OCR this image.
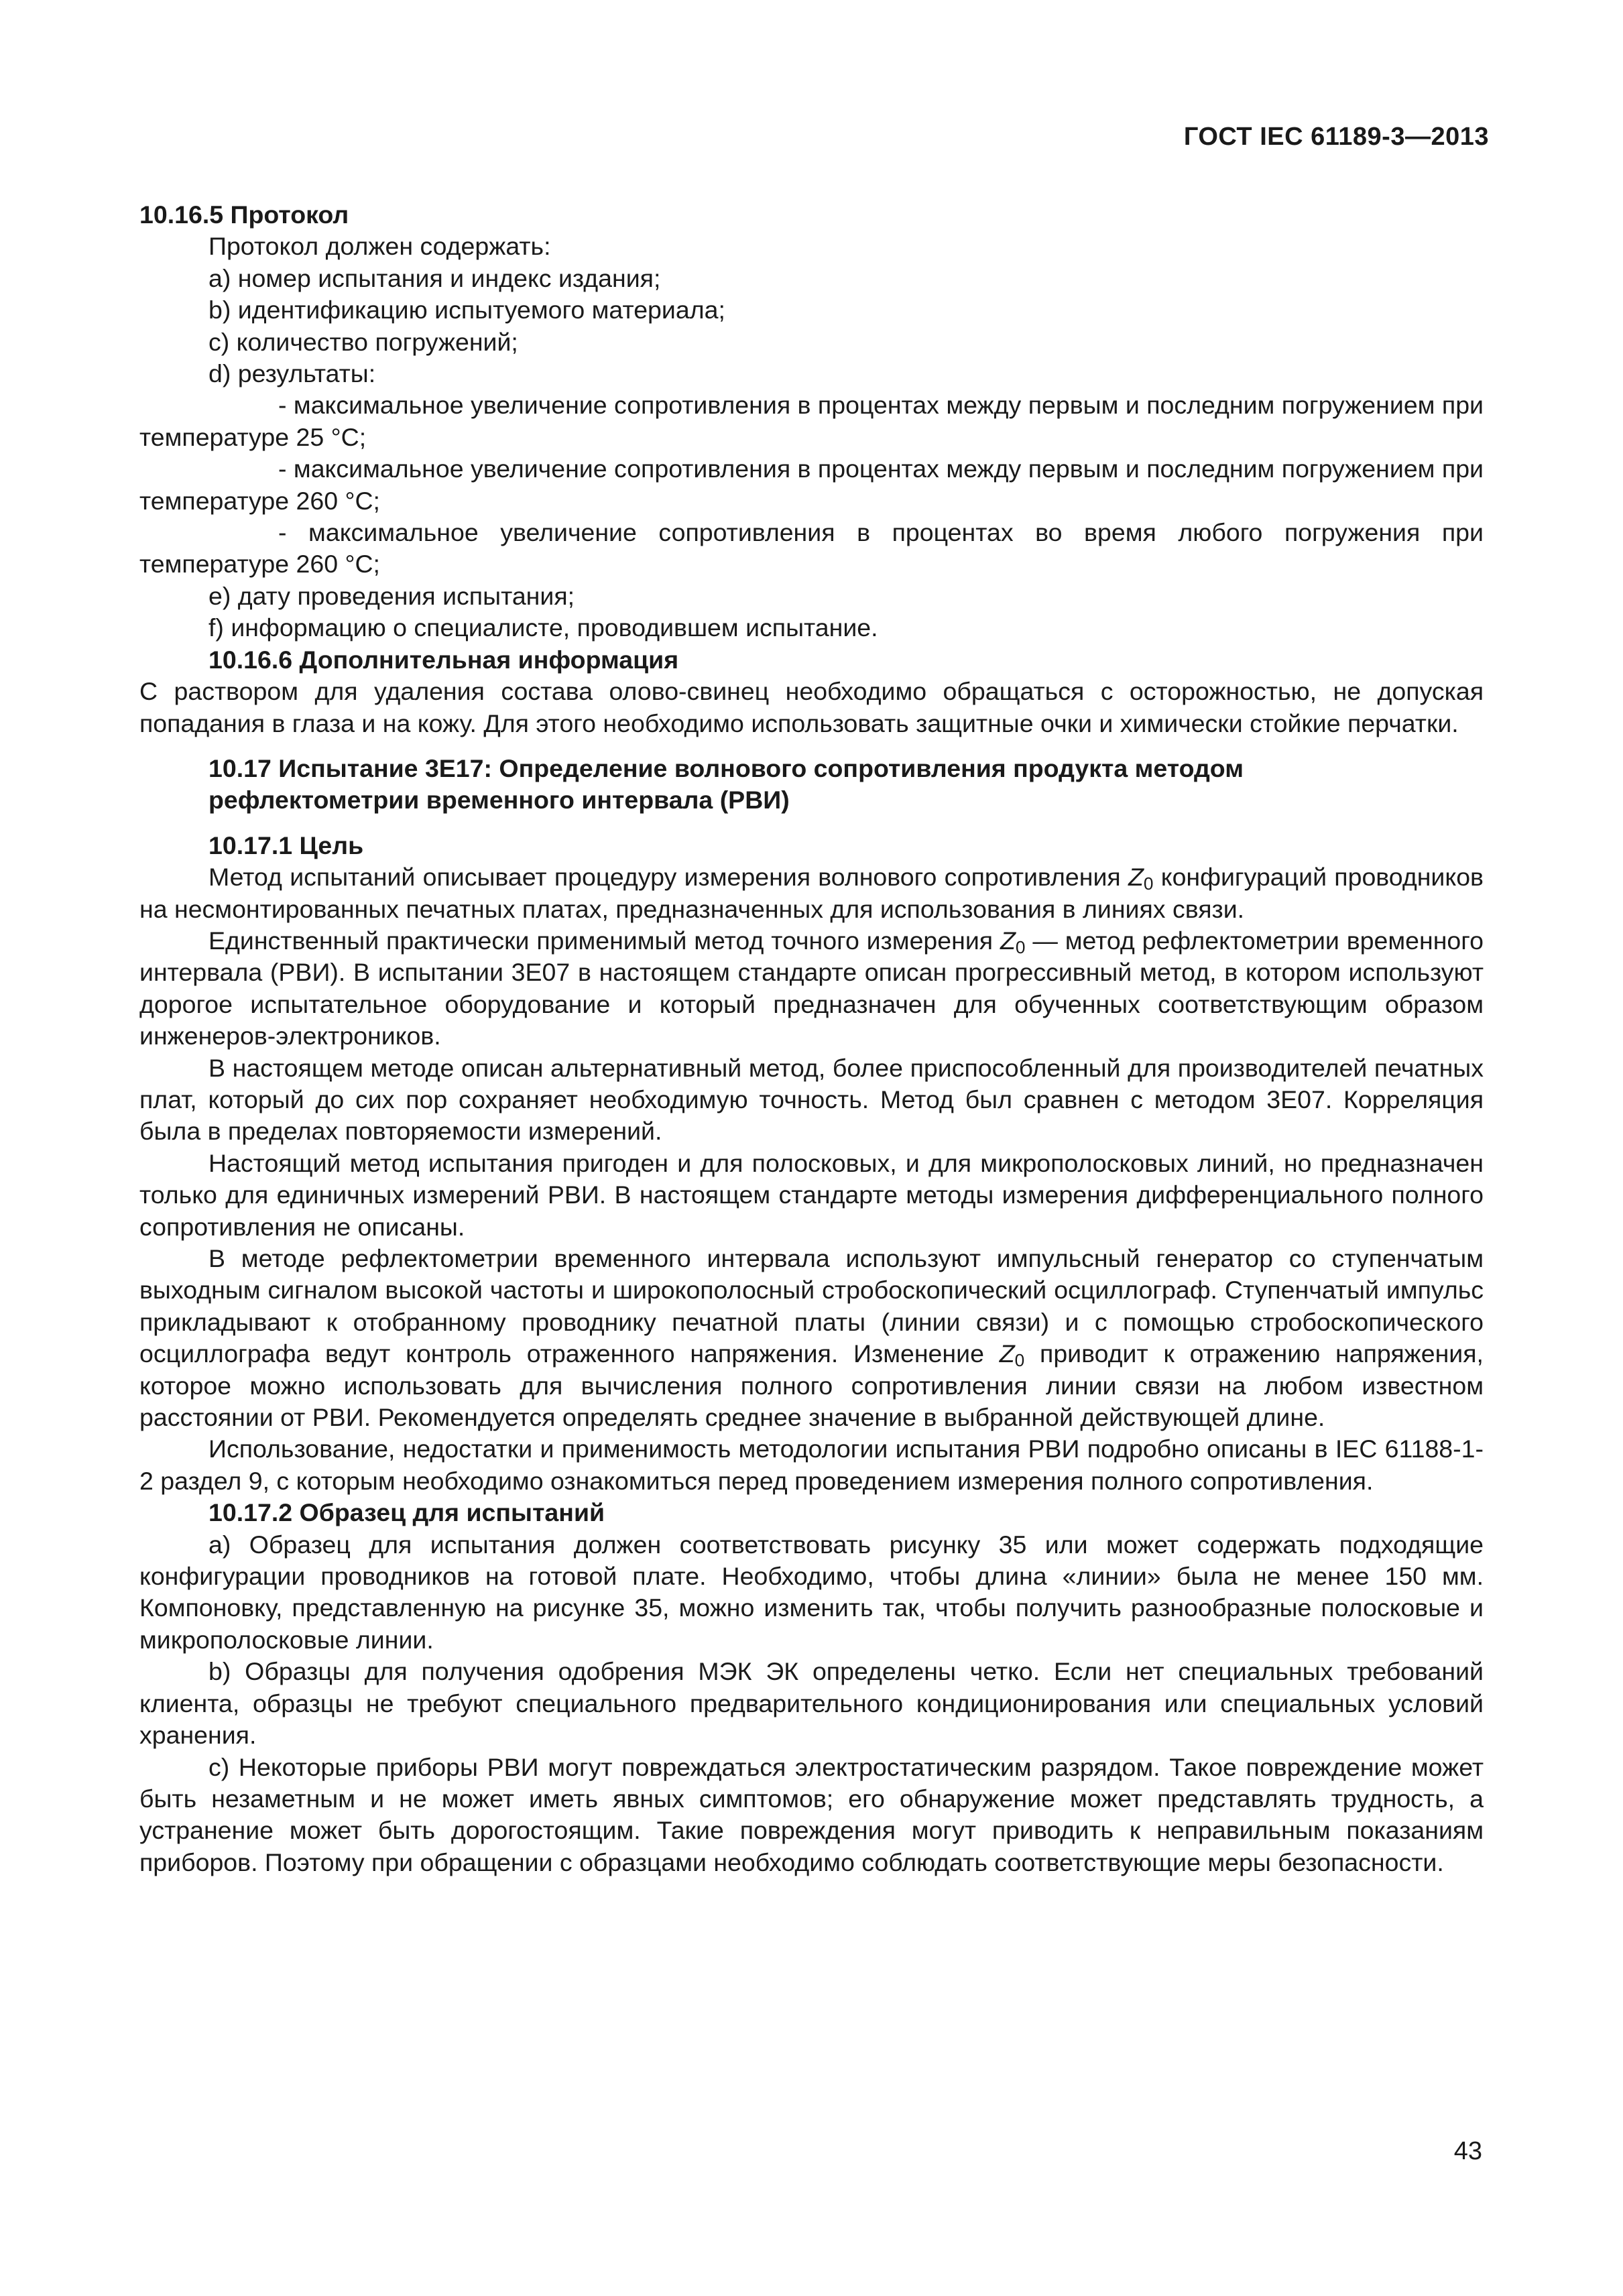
ГОСТ IEC 61189-3—2013

10.16.5 Протокол

Протокол должен содержать:

a) номер испытания и индекс издания;

b) идентификацию испытуемого материала;

c) количество погружений;

d) результаты:

- максимальное увеличение сопротивления в процентах между первым и последним погружением при температуре 25 °С;

- максимальное увеличение сопротивления в процентах между первым и последним погружением при температуре 260 °С;

- максимальное увеличение сопротивления в процентах во время любого погружения при температуре 260 °С;

e) дату проведения испытания;

f) информацию о специалисте, проводившем испытание.

10.16.6 Дополнительная информация

С раствором для удаления состава олово-свинец необходимо обращаться с осторожностью, не допуская попадания в глаза и на кожу. Для этого необходимо использовать защитные очки и химически стойкие перчатки.

10.17 Испытание 3E17: Определение волнового сопротивления продукта методом

рефлектометрии временного интервала (РВИ)

10.17.1 Цель

Метод испытаний описывает процедуру измерения волнового сопротивления $Z_0$ конфигураций проводников на несмонтированных печатных платах, предназначенных для использования в линиях связи.

Единственный практически применимый метод точного измерения $Z_0$ — метод рефлектометрии временного интервала (РВИ). В испытании 3E07 в настоящем стандарте описан прогрессивный метод, в котором используют дорогое испытательное оборудование и который предназначен для обученных соответствующим образом инженеров-электроников.

В настоящем методе описан альтернативный метод, более приспособленный для производителей печатных плат, который до сих пор сохраняет необходимую точность. Метод был сравнен с методом 3E07. Корреляция была в пределах повторяемости измерений.

Настоящий метод испытания пригоден и для полосковых, и для микрополосковых линий, но предназначен только для единичных измерений РВИ. В настоящем стандарте методы измерения дифференциального полного сопротивления не описаны.

В методе рефлектометрии временного интервала используют импульсный генератор со ступенчатым выходным сигналом высокой частоты и широкополосный стробоскопический осциллограф. Ступенчатый импульс прикладывают к отобранному проводнику печатной платы (линии связи) и с помощью стробоскопического осциллографа ведут контроль отраженного напряжения. Изменение $Z_0$ приводит к отражению напряжения, которое можно использовать для вычисления полного сопротивления линии связи на любом известном расстоянии от РВИ. Рекомендуется определять среднее значение в выбранной действующей длине.

Использование, недостатки и применимость методологии испытания РВИ подробно описаны в IEC 61188-1-2 раздел 9, с которым необходимо ознакомиться перед проведением измерения полного сопротивления.

10.17.2 Образец для испытаний

a) Образец для испытания должен соответствовать рисунку 35 или может содержать подходящие конфигурации проводников на готовой плате. Необходимо, чтобы длина «линии» была не менее 150 мм. Компоновку, представленную на рисунке 35, можно изменить так, чтобы получить разнообразные полосковые и микрополосковые линии.

b) Образцы для получения одобрения МЭК ЭК определены четко. Если нет специальных требований клиента, образцы не требуют специального предварительного кондиционирования или специальных условий хранения.

c) Некоторые приборы РВИ могут повреждаться электростатическим разрядом. Такое повреждение может быть незаметным и не может иметь явных симптомов; его обнаружение может представлять трудность, а устранение может быть дорогостоящим. Такие повреждения могут приводить к неправильным показаниям приборов. Поэтому при обращении с образцами необходимо соблюдать соответствующие меры безопасности.

43
